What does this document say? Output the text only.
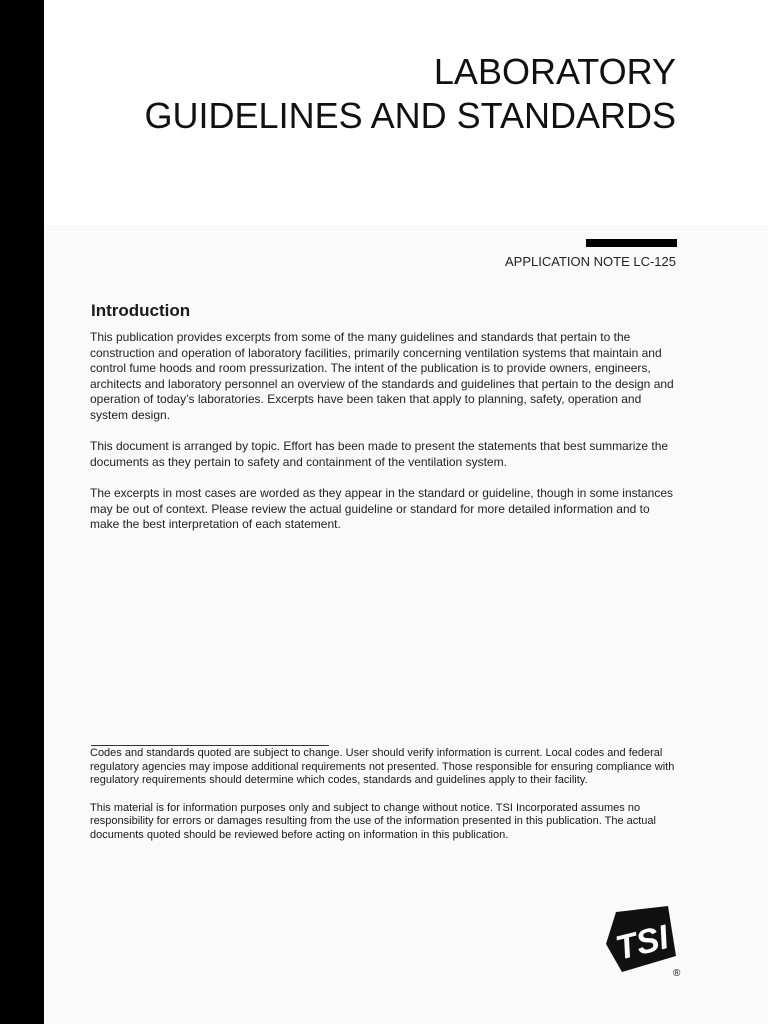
LABORATORY
GUIDELINES AND STANDARDS
APPLICATION NOTE LC-125
Introduction

This publication provides excerpts from some of the many guidelines and standards that pertain to the construction and operation of laboratory facilities, primarily concerning ventilation systems that maintain and control fume hoods and room pressurization. The intent of the publication is to provide owners, engineers, architects and laboratory personnel an overview of the standards and guidelines that pertain to the design and operation of today’s laboratories. Excerpts have been taken that apply to planning, safety, operation and system design.

This document is arranged by topic. Effort has been made to present the statements that best summarize the documents as they pertain to safety and containment of the ventilation system.

The excerpts in most cases are worded as they appear in the standard or guideline, though in some instances may be out of context. Please review the actual guideline or standard for more detailed information and to make the best interpretation of each statement.

Codes and standards quoted are subject to change. User should verify information is current. Local codes and federal regulatory agencies may impose additional requirements not presented. Those responsible for ensuring compliance with regulatory requirements should determine which codes, standards and guidelines apply to their facility.

This material is for information purposes only and subject to change without notice. TSI Incorporated assumes no responsibility for errors or damages resulting from the use of the information presented in this publication. The actual documents quoted should be reviewed before acting on information in this publication.

TSI
®
